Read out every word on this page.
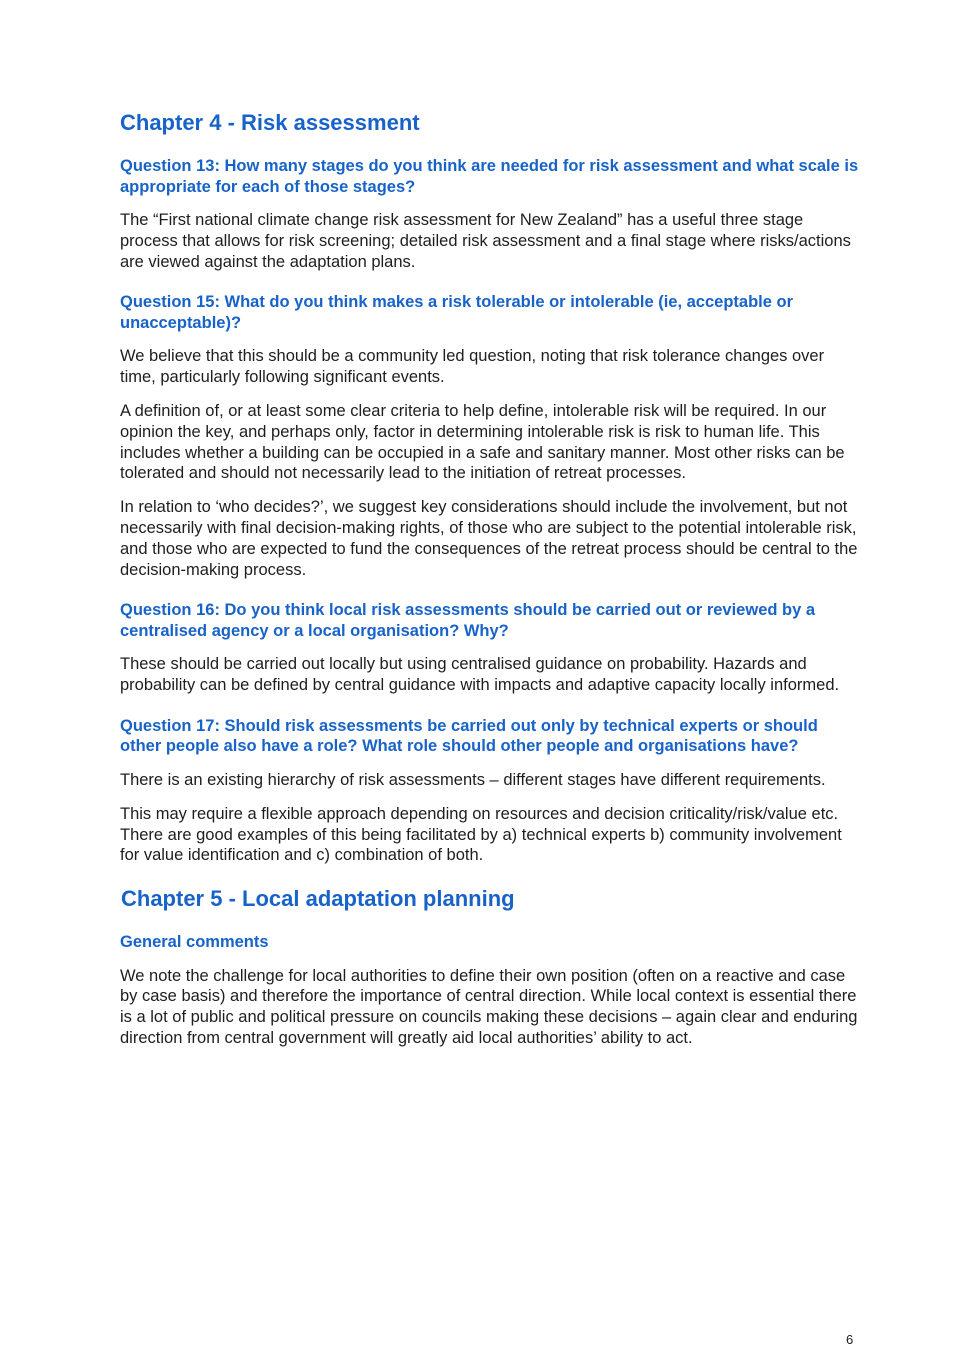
Chapter 4 - Risk assessment
Question 13: How many stages do you think are needed for risk assessment and what scale is appropriate for each of those stages?

The “First national climate change risk assessment for New Zealand” has a useful three stage process that allows for risk screening; detailed risk assessment and a final stage where risks/actions are viewed against the adaptation plans.

Question 15: What do you think makes a risk tolerable or intolerable (ie, acceptable or unacceptable)?

We believe that this should be a community led question, noting that risk tolerance changes over time, particularly following significant events.

A definition of, or at least some clear criteria to help define, intolerable risk will be required. In our opinion the key, and perhaps only, factor in determining intolerable risk is risk to human life. This includes whether a building can be occupied in a safe and sanitary manner. Most other risks can be tolerated and should not necessarily lead to the initiation of retreat processes.

In relation to ‘who decides?’, we suggest key considerations should include the involvement, but not necessarily with final decision-making rights, of those who are subject to the potential intolerable risk, and those who are expected to fund the consequences of the retreat process should be central to the decision-making process.

Question 16: Do you think local risk assessments should be carried out or reviewed by a centralised agency or a local organisation? Why?

These should be carried out locally but using centralised guidance on probability. Hazards and probability can be defined by central guidance with impacts and adaptive capacity locally informed.

Question 17: Should risk assessments be carried out only by technical experts or should other people also have a role? What role should other people and organisations have?

There is an existing hierarchy of risk assessments – different stages have different requirements.

This may require a flexible approach depending on resources and decision criticality/risk/value etc. There are good examples of this being facilitated by a) technical experts b) community involvement for value identification and c) combination of both.

Chapter 5 - Local adaptation planning
General comments

We note the challenge for local authorities to define their own position (often on a reactive and case by case basis) and therefore the importance of central direction. While local context is essential there is a lot of public and political pressure on councils making these decisions – again clear and enduring direction from central government will greatly aid local authorities’ ability to act.

6
